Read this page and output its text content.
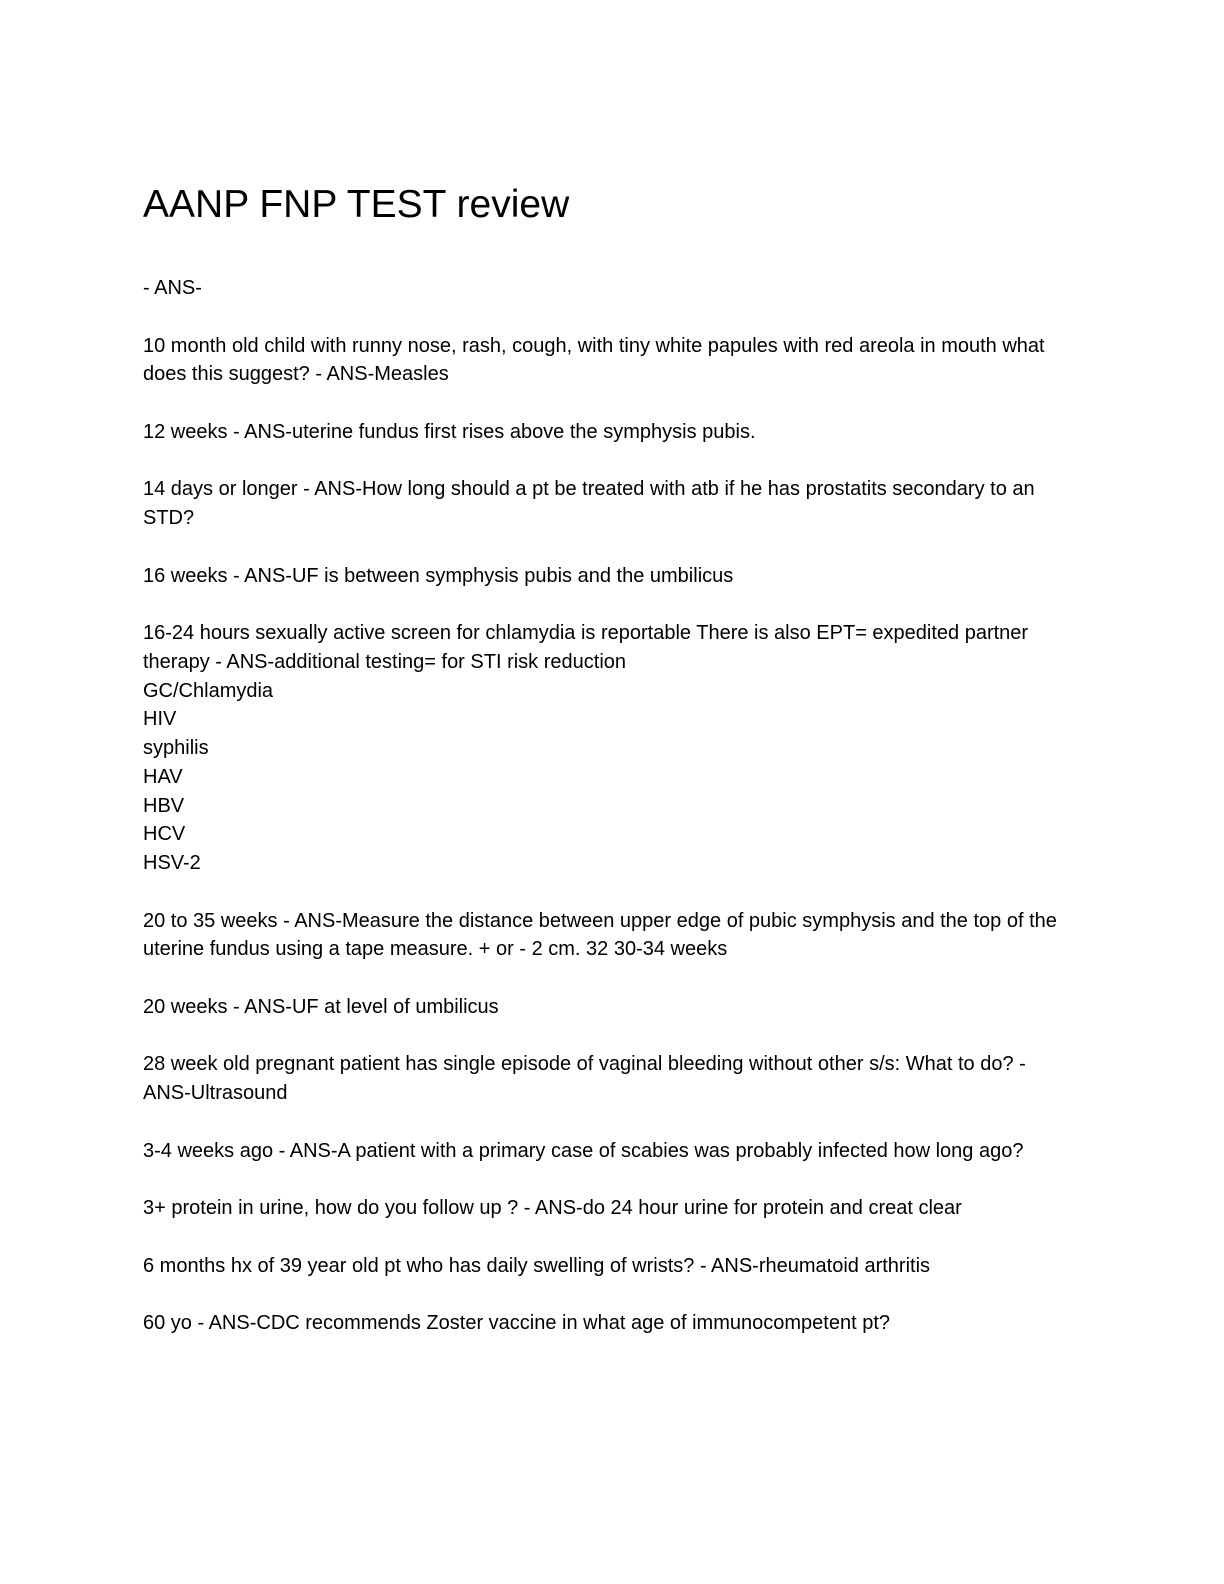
AANP FNP TEST review
- ANS-
10 month old child with runny nose, rash, cough, with tiny white papules with red areola in mouth what does this suggest? - ANS-Measles
12 weeks - ANS-uterine fundus first rises above the symphysis pubis.
14 days or longer - ANS-How long should a pt be treated with atb if he has prostatits secondary to an STD?
16 weeks - ANS-UF is between symphysis pubis and the umbilicus
16-24 hours sexually active screen for chlamydia is reportable There is also EPT= expedited partner therapy - ANS-additional testing= for STI risk reduction
GC/Chlamydia
HIV
syphilis
HAV
HBV
HCV
HSV-2
20 to 35 weeks - ANS-Measure the distance between upper edge of pubic symphysis and the top of the uterine fundus using a tape measure. + or - 2 cm. 32 30-34 weeks
20 weeks - ANS-UF at level of umbilicus
28 week old pregnant patient has single episode of vaginal bleeding without other s/s: What to do? - ANS-Ultrasound
3-4 weeks ago - ANS-A patient with a primary case of scabies was probably infected how long ago?
3+ protein in urine, how do you follow up ? - ANS-do 24 hour urine for protein and creat clear
6 months hx of 39 year old pt who has daily swelling of wrists? - ANS-rheumatoid arthritis
60 yo - ANS-CDC recommends Zoster vaccine in what age of immunocompetent pt?
